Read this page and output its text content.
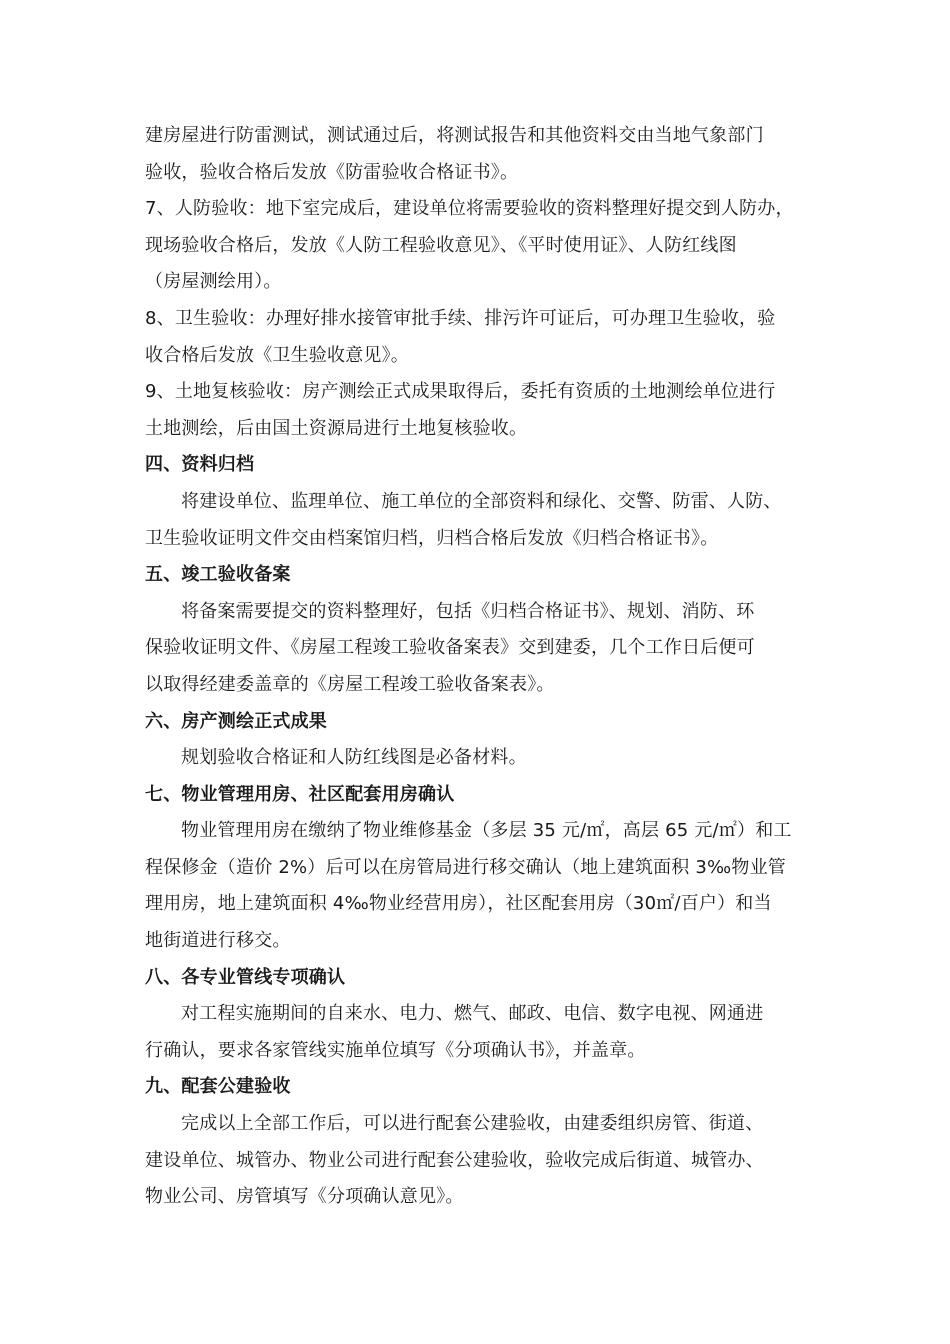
建房屋进行防雷测试，测试通过后，将测试报告和其他资料交由当地气象部门
验收，验收合格后发放《防雷验收合格证书》。
7、人防验收：地下室完成后，建设单位将需要验收的资料整理好提交到人防办，
现场验收合格后，发放《人防工程验收意见》、《平时使用证》、人防红线图
（房屋测绘用）。
8、卫生验收：办理好排水接管审批手续、排污许可证后，可办理卫生验收，验
收合格后发放《卫生验收意见》。
9、土地复核验收：房产测绘正式成果取得后，委托有资质的土地测绘单位进行
土地测绘，后由国土资源局进行土地复核验收。
四、资料归档
将建设单位、监理单位、施工单位的全部资料和绿化、交警、防雷、人防、
卫生验收证明文件交由档案馆归档，归档合格后发放《归档合格证书》。
五、竣工验收备案
将备案需要提交的资料整理好，包括《归档合格证书》、规划、消防、环
保验收证明文件、《房屋工程竣工验收备案表》交到建委，几个工作日后便可
以取得经建委盖章的《房屋工程竣工验收备案表》。
六、房产测绘正式成果
规划验收合格证和人防红线图是必备材料。
七、物业管理用房、社区配套用房确认
物业管理用房在缴纳了物业维修基金（多层 35 元/㎡，高层 65 元/㎡）和工
程保修金（造价 2%）后可以在房管局进行移交确认（地上建筑面积 3‰物业管
理用房，地上建筑面积 4‰物业经营用房），社区配套用房（30㎡/百户）和当
地街道进行移交。
八、各专业管线专项确认
对工程实施期间的自来水、电力、燃气、邮政、电信、数字电视、网通进
行确认，要求各家管线实施单位填写《分项确认书》，并盖章。
九、配套公建验收
完成以上全部工作后，可以进行配套公建验收，由建委组织房管、街道、
建设单位、城管办、物业公司进行配套公建验收，验收完成后街道、城管办、
物业公司、房管填写《分项确认意见》。
